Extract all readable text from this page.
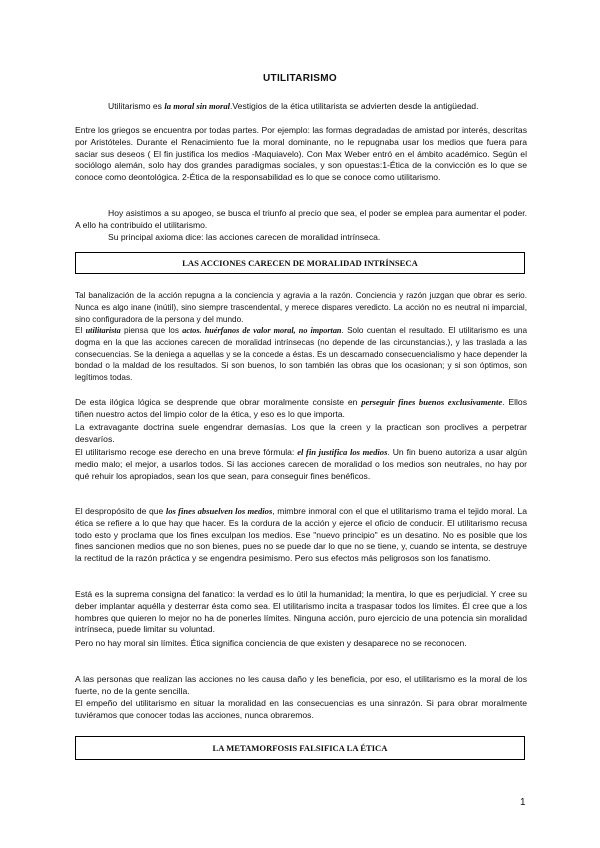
UTILITARISMO

Utilitarismo es la moral sin moral.Vestigios de la ética utilitarista se advierten desde la antigüedad.

Entre los griegos se encuentra por todas partes. Por ejemplo: las formas degradadas de amistad por interés, descritas por Aristóteles. Durante el Renacimiento fue la moral dominante, no le repugnaba usar los medios que fuera para saciar sus deseos ( El fin justifica los medios -Maquiavelo). Con Max Weber entró en el ámbito académico. Según el sociólogo alemán, solo hay dos grandes paradigmas sociales, y son opuestas:1-Ética de la convicción es lo que se conoce como deontológica. 2-Ética de la responsabilidad es lo que se conoce como utilitarismo.

Hoy asistimos a su apogeo, se busca el triunfo al precio que sea, el poder se emplea para aumentar el poder. A ello ha contribuido el utilitarismo.

Su principal axioma dice: las acciones carecen de moralidad intrínseca.

LAS ACCIONES CARECEN DE MORALIDAD INTRÍNSECA

Tal banalización de la acción repugna a la conciencia y agravia a la razón. Conciencia y razón juzgan que obrar es serio. Nunca es algo inane (inútil), sino siempre trascendental, y merece dispares veredicto. La acción no es neutral ni imparcial, sino configuradora de la persona y del mundo.

El utilitarista piensa que los actos. huérfanos de valor moral, no importan. Solo cuentan el resultado. El utilitarismo es una dogma en la que las acciones carecen de moralidad intrínsecas (no depende de las circunstancias.), y las traslada a las consecuencias. Se la deniega a aquellas y se la concede a éstas. Es un descarnado consecuencialismo y hace depender la bondad o la maldad de los resultados. Si son buenos, lo son también las obras que los ocasionan; y si son óptimos, son legítimos todas.

De esta ilógica lógica se desprende que obrar moralmente consiste en perseguir fines buenos exclusivamente. Ellos tiñen nuestro actos del limpio color de la ética, y eso es lo que importa.

La extravagante doctrina suele engendrar demasías. Los que la creen y la practican son proclives a perpetrar desvaríos.

El utilitarismo recoge ese derecho en una breve fórmula: el fin justifica los medios. Un fin bueno autoriza a usar algún medio malo; el mejor, a usarlos todos. Si las acciones carecen de moralidad o los medios son neutrales, no hay por qué rehuir los apropiados, sean los que sean, para conseguir fines benéficos.

El despropósito de que los fines absuelven los medios, mimbre inmoral con el que el utilitarismo trama el tejido moral. La ética se refiere a lo que hay que hacer. Es la cordura de la acción y ejerce el oficio de conducir. El utilitarismo recusa todo esto y proclama que los fines exculpan los medios. Ese "nuevo principio" es un desatino. No es posible que los fines sancionen medios que no son bienes, pues no se puede dar lo que no se tiene, y, cuando se intenta, se destruye la rectitud de la razón práctica y se engendra pesimismo. Pero sus efectos más peligrosos son los fanatismo.

Está es la suprema consigna del fanatico: la verdad es lo útil la humanidad; la mentira, lo que es perjudicial. Y cree su deber implantar aquélla y desterrar ésta como sea. El utilitarismo incita a traspasar todos los límites. Él cree que a los hombres que quieren lo mejor no ha de ponerles límites. Ninguna acción, puro ejercicio de una potencia sin moralidad intrínseca, puede limitar su voluntad.

Pero no hay moral sin límites. Ética significa conciencia de que existen y desaparece no se reconocen.

A las personas que realizan las acciones no les causa daño y les beneficia, por eso, el utilitarismo es la moral de los fuerte, no de la gente sencilla.

El empeño del utilitarismo en situar la moralidad en las consecuencias es una sinrazón. Si para obrar moralmente tuviéramos que conocer todas las acciones, nunca obraremos.

LA METAMORFOSIS FALSIFICA LA ÉTICA
1
